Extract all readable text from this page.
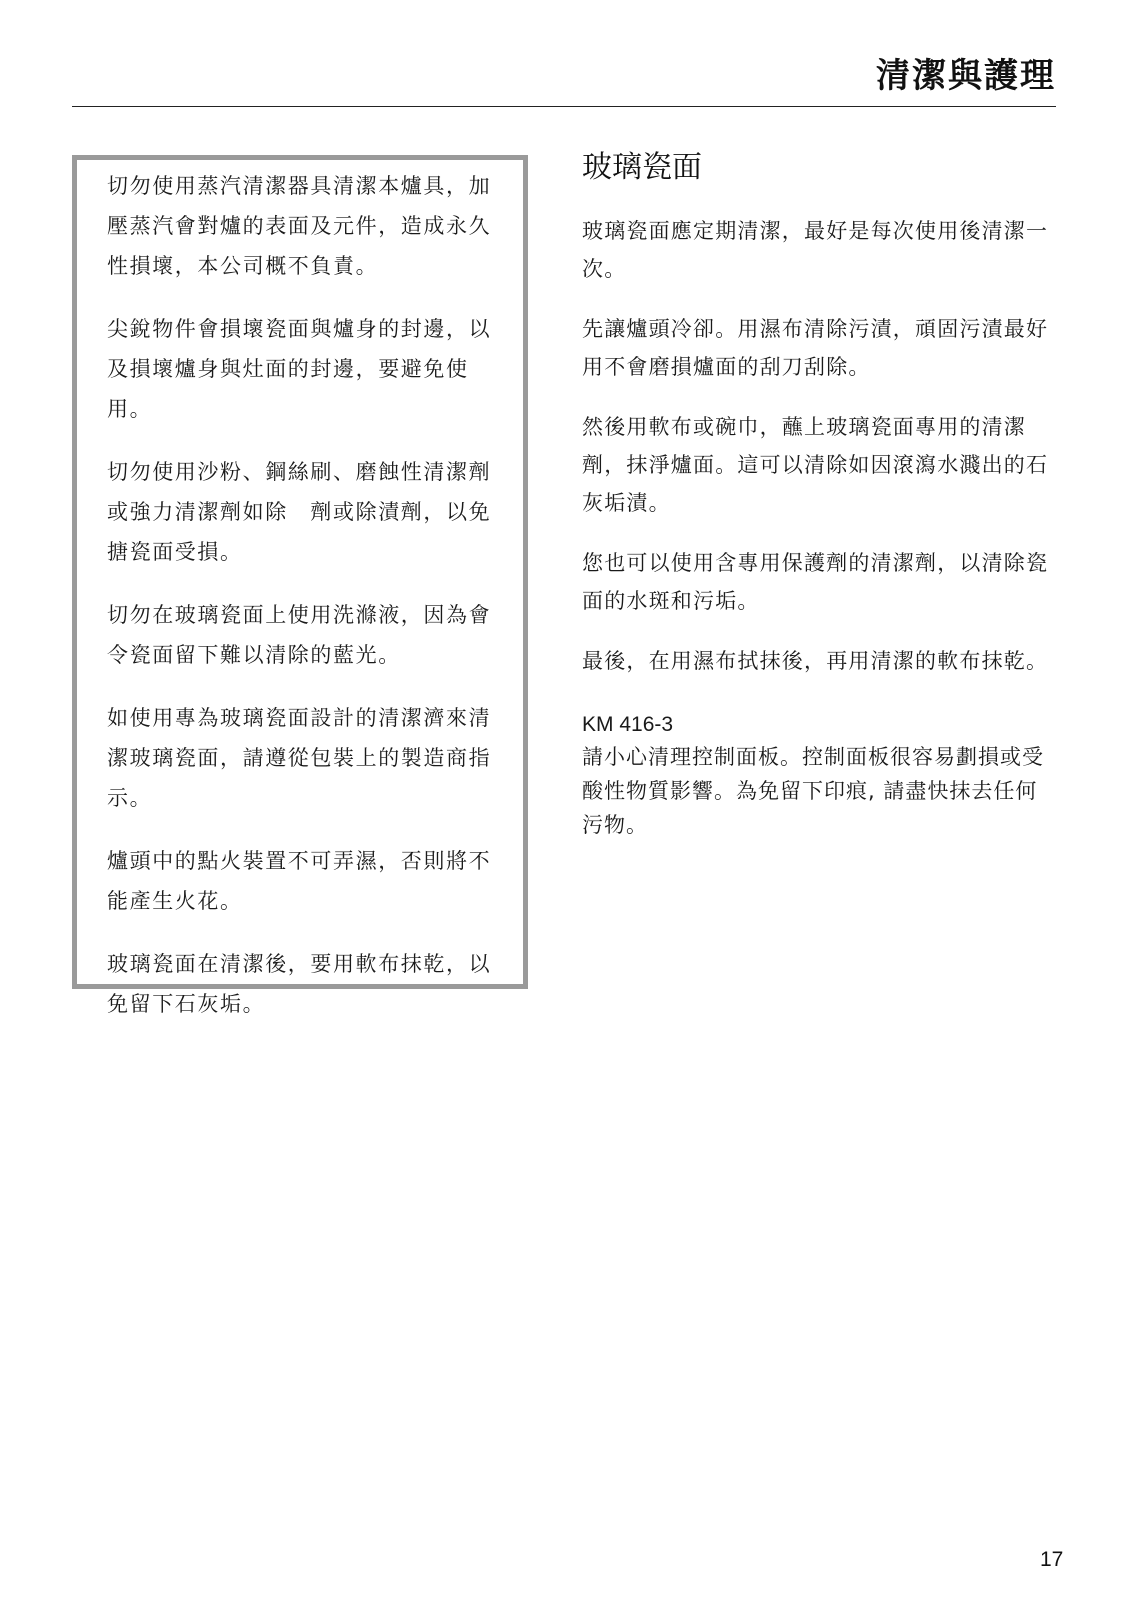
清潔與護理

切勿使用蒸汽清潔器具清潔本爐具，加壓蒸汽會對爐的表面及元件，造成永久性損壞，本公司概不負責。

尖銳物件會損壞瓷面與爐身的封邊，以及損壞爐身與灶面的封邊，要避免使用。

切勿使用沙粉、鋼絲刷、磨蝕性清潔劑或強力清潔劑如除　劑或除漬劑，以免搪瓷面受損。

切勿在玻璃瓷面上使用洗滌液，因為會令瓷面留下難以清除的藍光。

如使用專為玻璃瓷面設計的清潔濟來清潔玻璃瓷面，請遵從包裝上的製造商指示。

爐頭中的點火裝置不可弄濕，否則將不能產生火花。

玻璃瓷面在清潔後，要用軟布抹乾，以免留下石灰垢。

玻璃瓷面

玻璃瓷面應定期清潔，最好是每次使用後清潔一次。

先讓爐頭冷卻。用濕布清除污漬，頑固污漬最好用不會磨損爐面的刮刀刮除。

然後用軟布或碗巾，蘸上玻璃瓷面專用的清潔劑，抹淨爐面。這可以清除如因滾瀉水濺出的石灰垢漬。

您也可以使用含專用保護劑的清潔劑，以清除瓷面的水斑和污垢。

最後，在用濕布拭抹後，再用清潔的軟布抹乾。

KM 416-3

請小心清理控制面板。控制面板很容易劃損或受酸性物質影響。為免留下印痕, 請盡快抹去任何污物。

17
